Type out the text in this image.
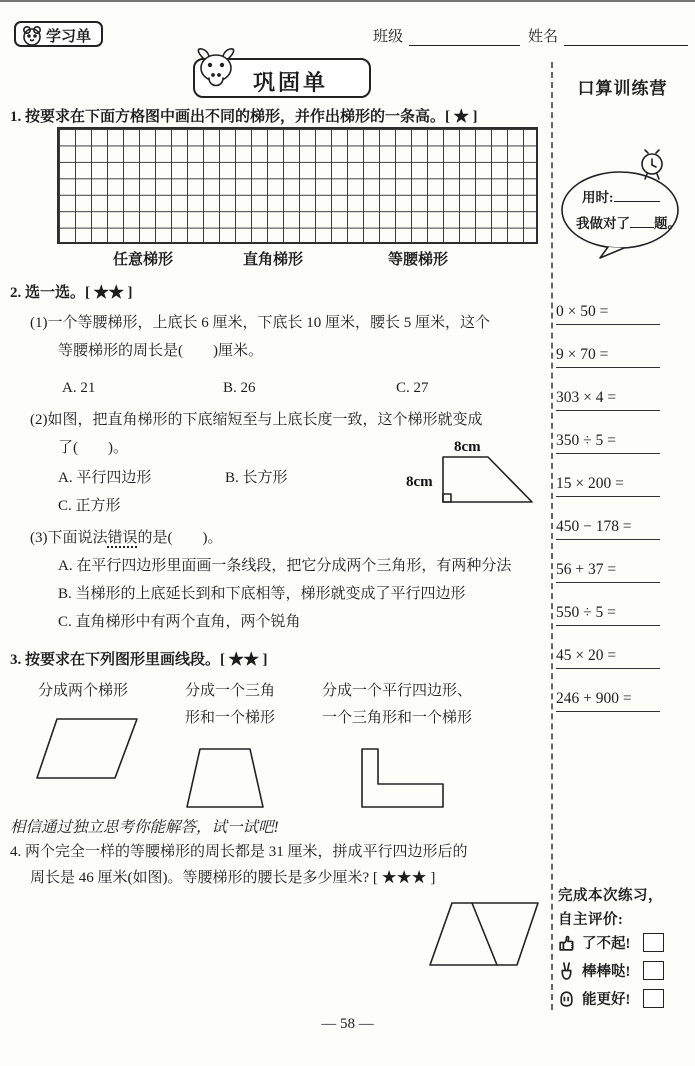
学习单	班级	姓名
巩固单	口算训练营
1. 按要求在下面方格图中画出不同的梯形，并作出梯形的一条高。[ ★ ]
任意梯形	直角梯形	等腰梯形
2. 选一选。[ ★★ ]
(1)一个等腰梯形，上底长 6 厘米，下底长 10 厘米，腰长 5 厘米，这个
等腰梯形的周长是(　　)厘米。
A. 21	B. 26	C. 27
(2)如图，把直角梯形的下底缩短至与上底长度一致，这个梯形就变成
了(　　)。
A. 平行四边形	B. 长方形
C. 正方形
8cm
8cm
(3)下面说法错误的是(　　)。
A. 在平行四边形里面画一条线段，把它分成两个三角形，有两种分法
B. 当梯形的上底延长到和下底相等，梯形就变成了平行四边形
C. 直角梯形中有两个直角，两个锐角
3. 按要求在下列图形里画线段。[ ★★ ]
分成两个梯形	分成一个三角
形和一个梯形
分成一个平行四边形、
一个三角形和一个梯形
相信通过独立思考你能解答，试一试吧!
4. 两个完全一样的等腰梯形的周长都是 31 厘米，拼成平行四边形后的
周长是 46 厘米(如图)。等腰梯形的腰长是多少厘米? [ ★★★ ]
用时:
我做对了 题。
0 × 50 =
9 × 70 =
303 × 4 =
350 ÷ 5 =
15 × 200 =
450 − 178 =
56 + 37 =
550 ÷ 5 =
45 × 20 =
246 + 900 =
完成本次练习，
自主评价:
了不起!
棒棒哒!
能更好!
— 58 —
